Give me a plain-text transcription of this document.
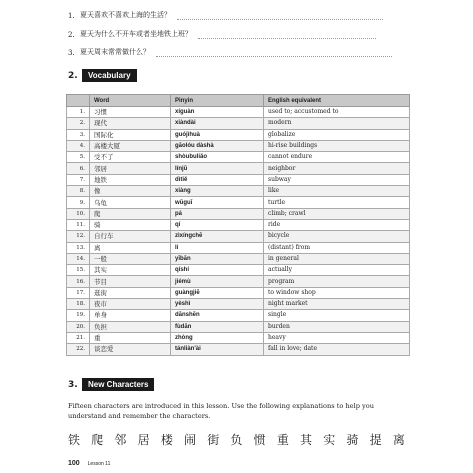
1. 夏天喜欢不喜欢上海的生活？
2. 夏天为什么不开车或者坐地铁上班？
3. 夏天周末常常做什么？
2.	Vocabulary
	Word	Pinyin	English equivalent
1.	习惯	xíguàn	used to; accustomed to
2.	现代	xiàndài	modern
3.	国际化	guójìhuà	globalize
4.	高楼大厦	gāolóu dàshà	hi-rise buildings
5.	受不了	shòubuliǎo	cannot endure
6.	邻居	línjū	neighbor
7.	地铁	dìtiě	subway
8.	像	xiàng	like
9.	乌龟	wūguī	turtle
10.	爬	pá	climb; crawl
11.	骑	qí	ride
12.	自行车	zìxíngchē	bicycle
13.	离	lí	(distant) from
14.	一般	yībān	in general
15.	其实	qíshí	actually
16.	节目	jiémù	program
17.	逛街	guàngjiē	to window shop
18.	夜市	yèshì	night market
19.	单身	dānshēn	single
20.	负担	fùdān	burden
21.	重	zhòng	heavy
22.	谈恋爱	tánliàn'ài	fall in love; date
3.	New Characters
Fifteen characters are introduced in this lesson. Use the following explanations to help you understand and remember the characters.
铁 爬 邻 居 楼 闹 街 负 惯 重 其 实 骑 提 离
100 Lesson 11
